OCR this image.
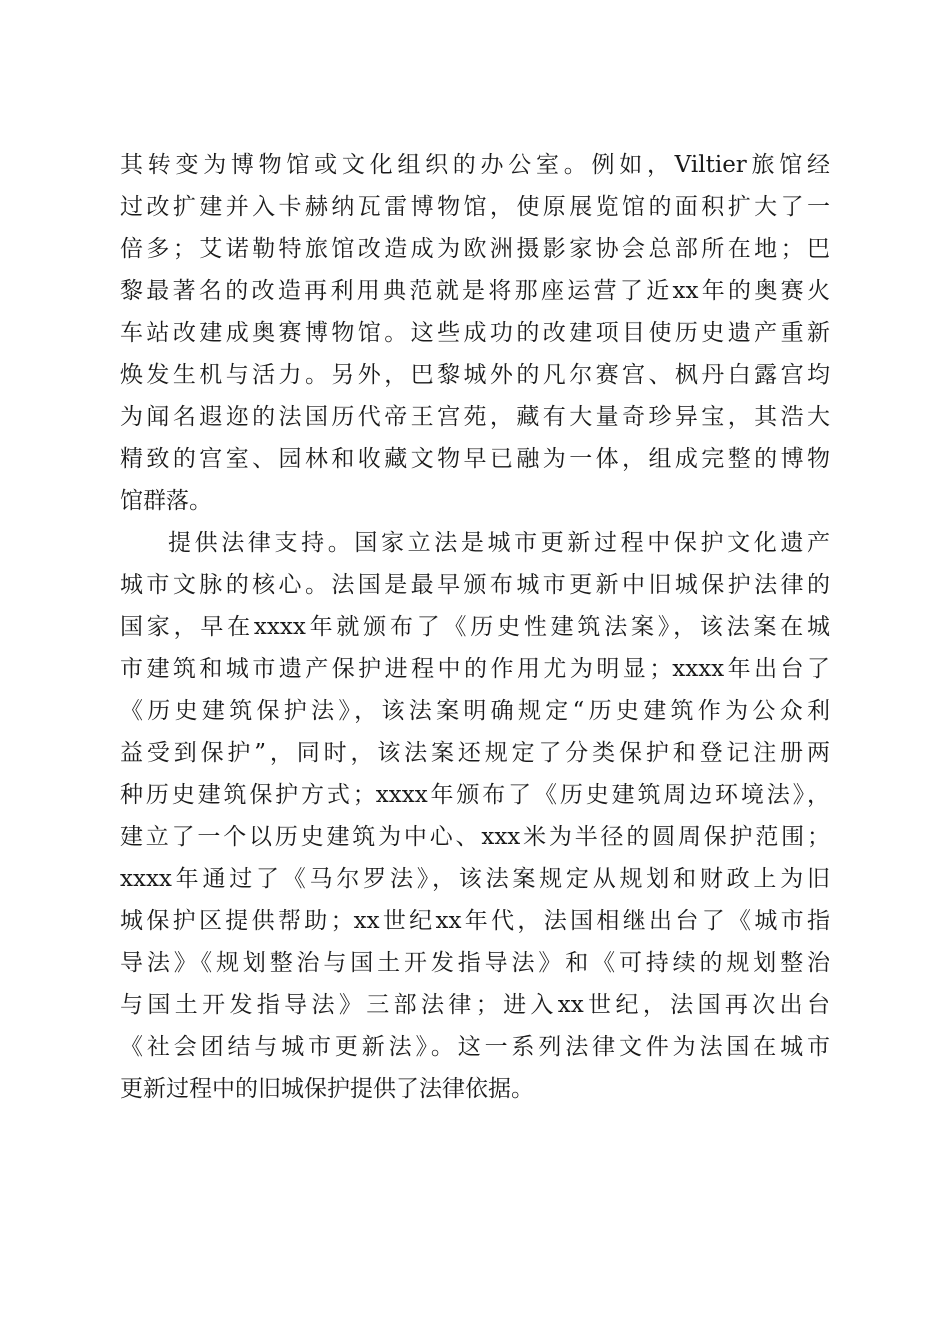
其转变为博物馆或文化组织的办公室。例如，Viltier旅馆经
过改扩建并入卡赫纳瓦雷博物馆，使原展览馆的面积扩大了一
倍多；艾诺勒特旅馆改造成为欧洲摄影家协会总部所在地；巴
黎最著名的改造再利用典范就是将那座运营了近xx年的奥赛火
车站改建成奥赛博物馆。这些成功的改建项目使历史遗产重新
焕发生机与活力。另外，巴黎城外的凡尔赛宫、枫丹白露宫均
为闻名遐迩的法国历代帝王宫苑，藏有大量奇珍异宝，其浩大
精致的宫室、园林和收藏文物早已融为一体，组成完整的博物
馆群落。
提供法律支持。国家立法是城市更新过程中保护文化遗产
城市文脉的核心。法国是最早颁布城市更新中旧城保护法律的
国家，早在xxxx年就颁布了《历史性建筑法案》，该法案在城
市建筑和城市遗产保护进程中的作用尤为明显；xxxx年出台了
《历史建筑保护法》，该法案明确规定“历史建筑作为公众利
益受到保护”，同时，该法案还规定了分类保护和登记注册两
种历史建筑保护方式；xxxx年颁布了《历史建筑周边环境法》，
建立了一个以历史建筑为中心、xxx米为半径的圆周保护范围；
xxxx年通过了《马尔罗法》，该法案规定从规划和财政上为旧
城保护区提供帮助；xx世纪xx年代，法国相继出台了《城市指
导法》《规划整治与国土开发指导法》和《可持续的规划整治
与国土开发指导法》三部法律；进入xx世纪，法国再次出台
《社会团结与城市更新法》。这一系列法律文件为法国在城市
更新过程中的旧城保护提供了法律依据。
